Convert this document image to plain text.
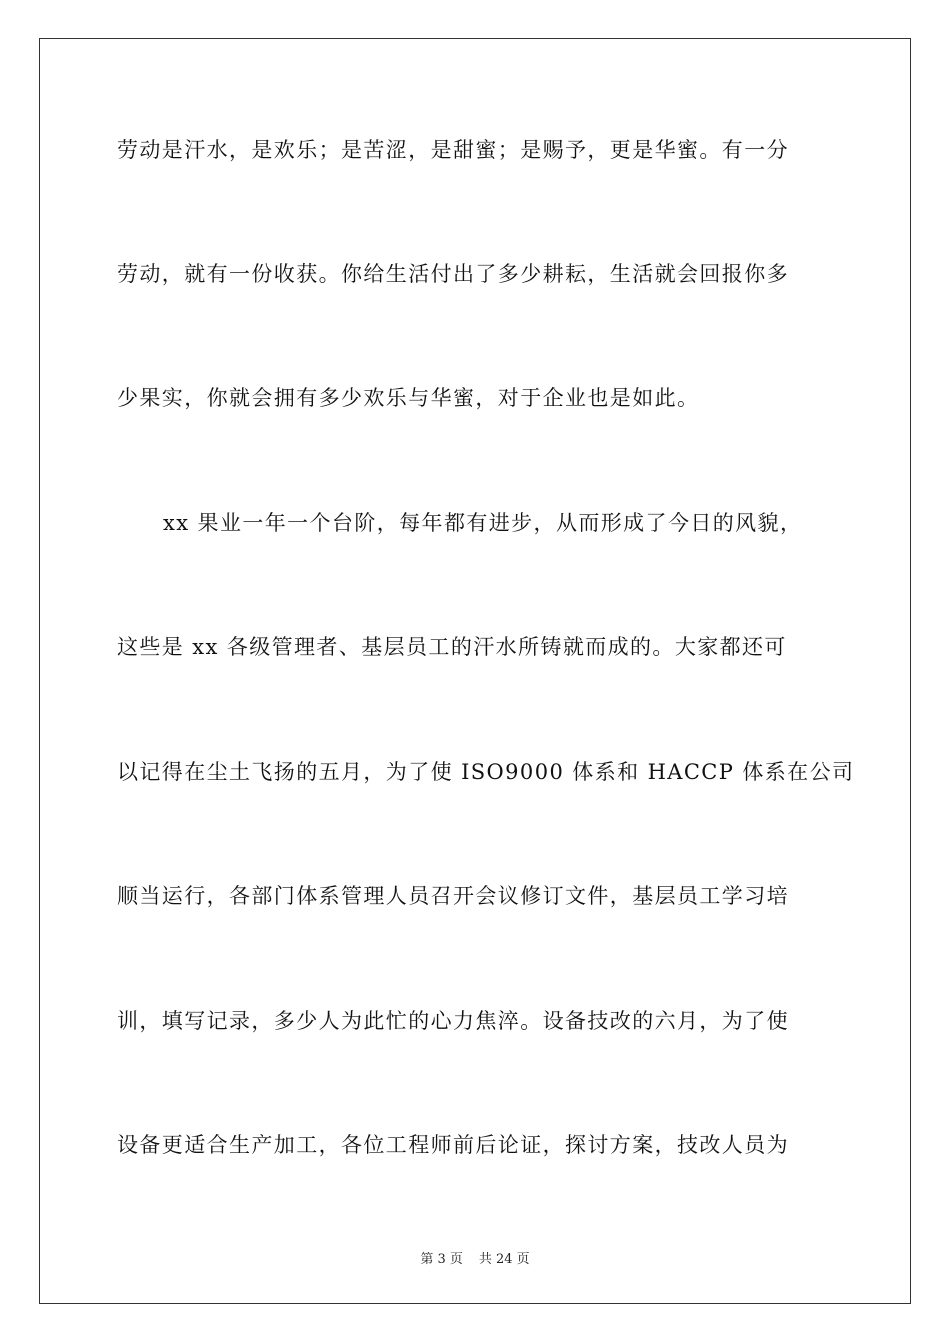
劳动是汗水，是欢乐；是苦涩，是甜蜜；是赐予，更是华蜜。有一分
劳动，就有一份收获。你给生活付出了多少耕耘，生活就会回报你多
少果实，你就会拥有多少欢乐与华蜜，对于企业也是如此。
xx 果业一年一个台阶，每年都有进步，从而形成了今日的风貌，
这些是 xx 各级管理者、基层员工的汗水所铸就而成的。大家都还可
以记得在尘土飞扬的五月，为了使 ISO9000 体系和 HACCP 体系在公司
顺当运行，各部门体系管理人员召开会议修订文件，基层员工学习培
训，填写记录，多少人为此忙的心力焦淬。设备技改的六月，为了使
设备更适合生产加工，各位工程师前后论证，探讨方案，技改人员为
第 3 页 共 24 页
